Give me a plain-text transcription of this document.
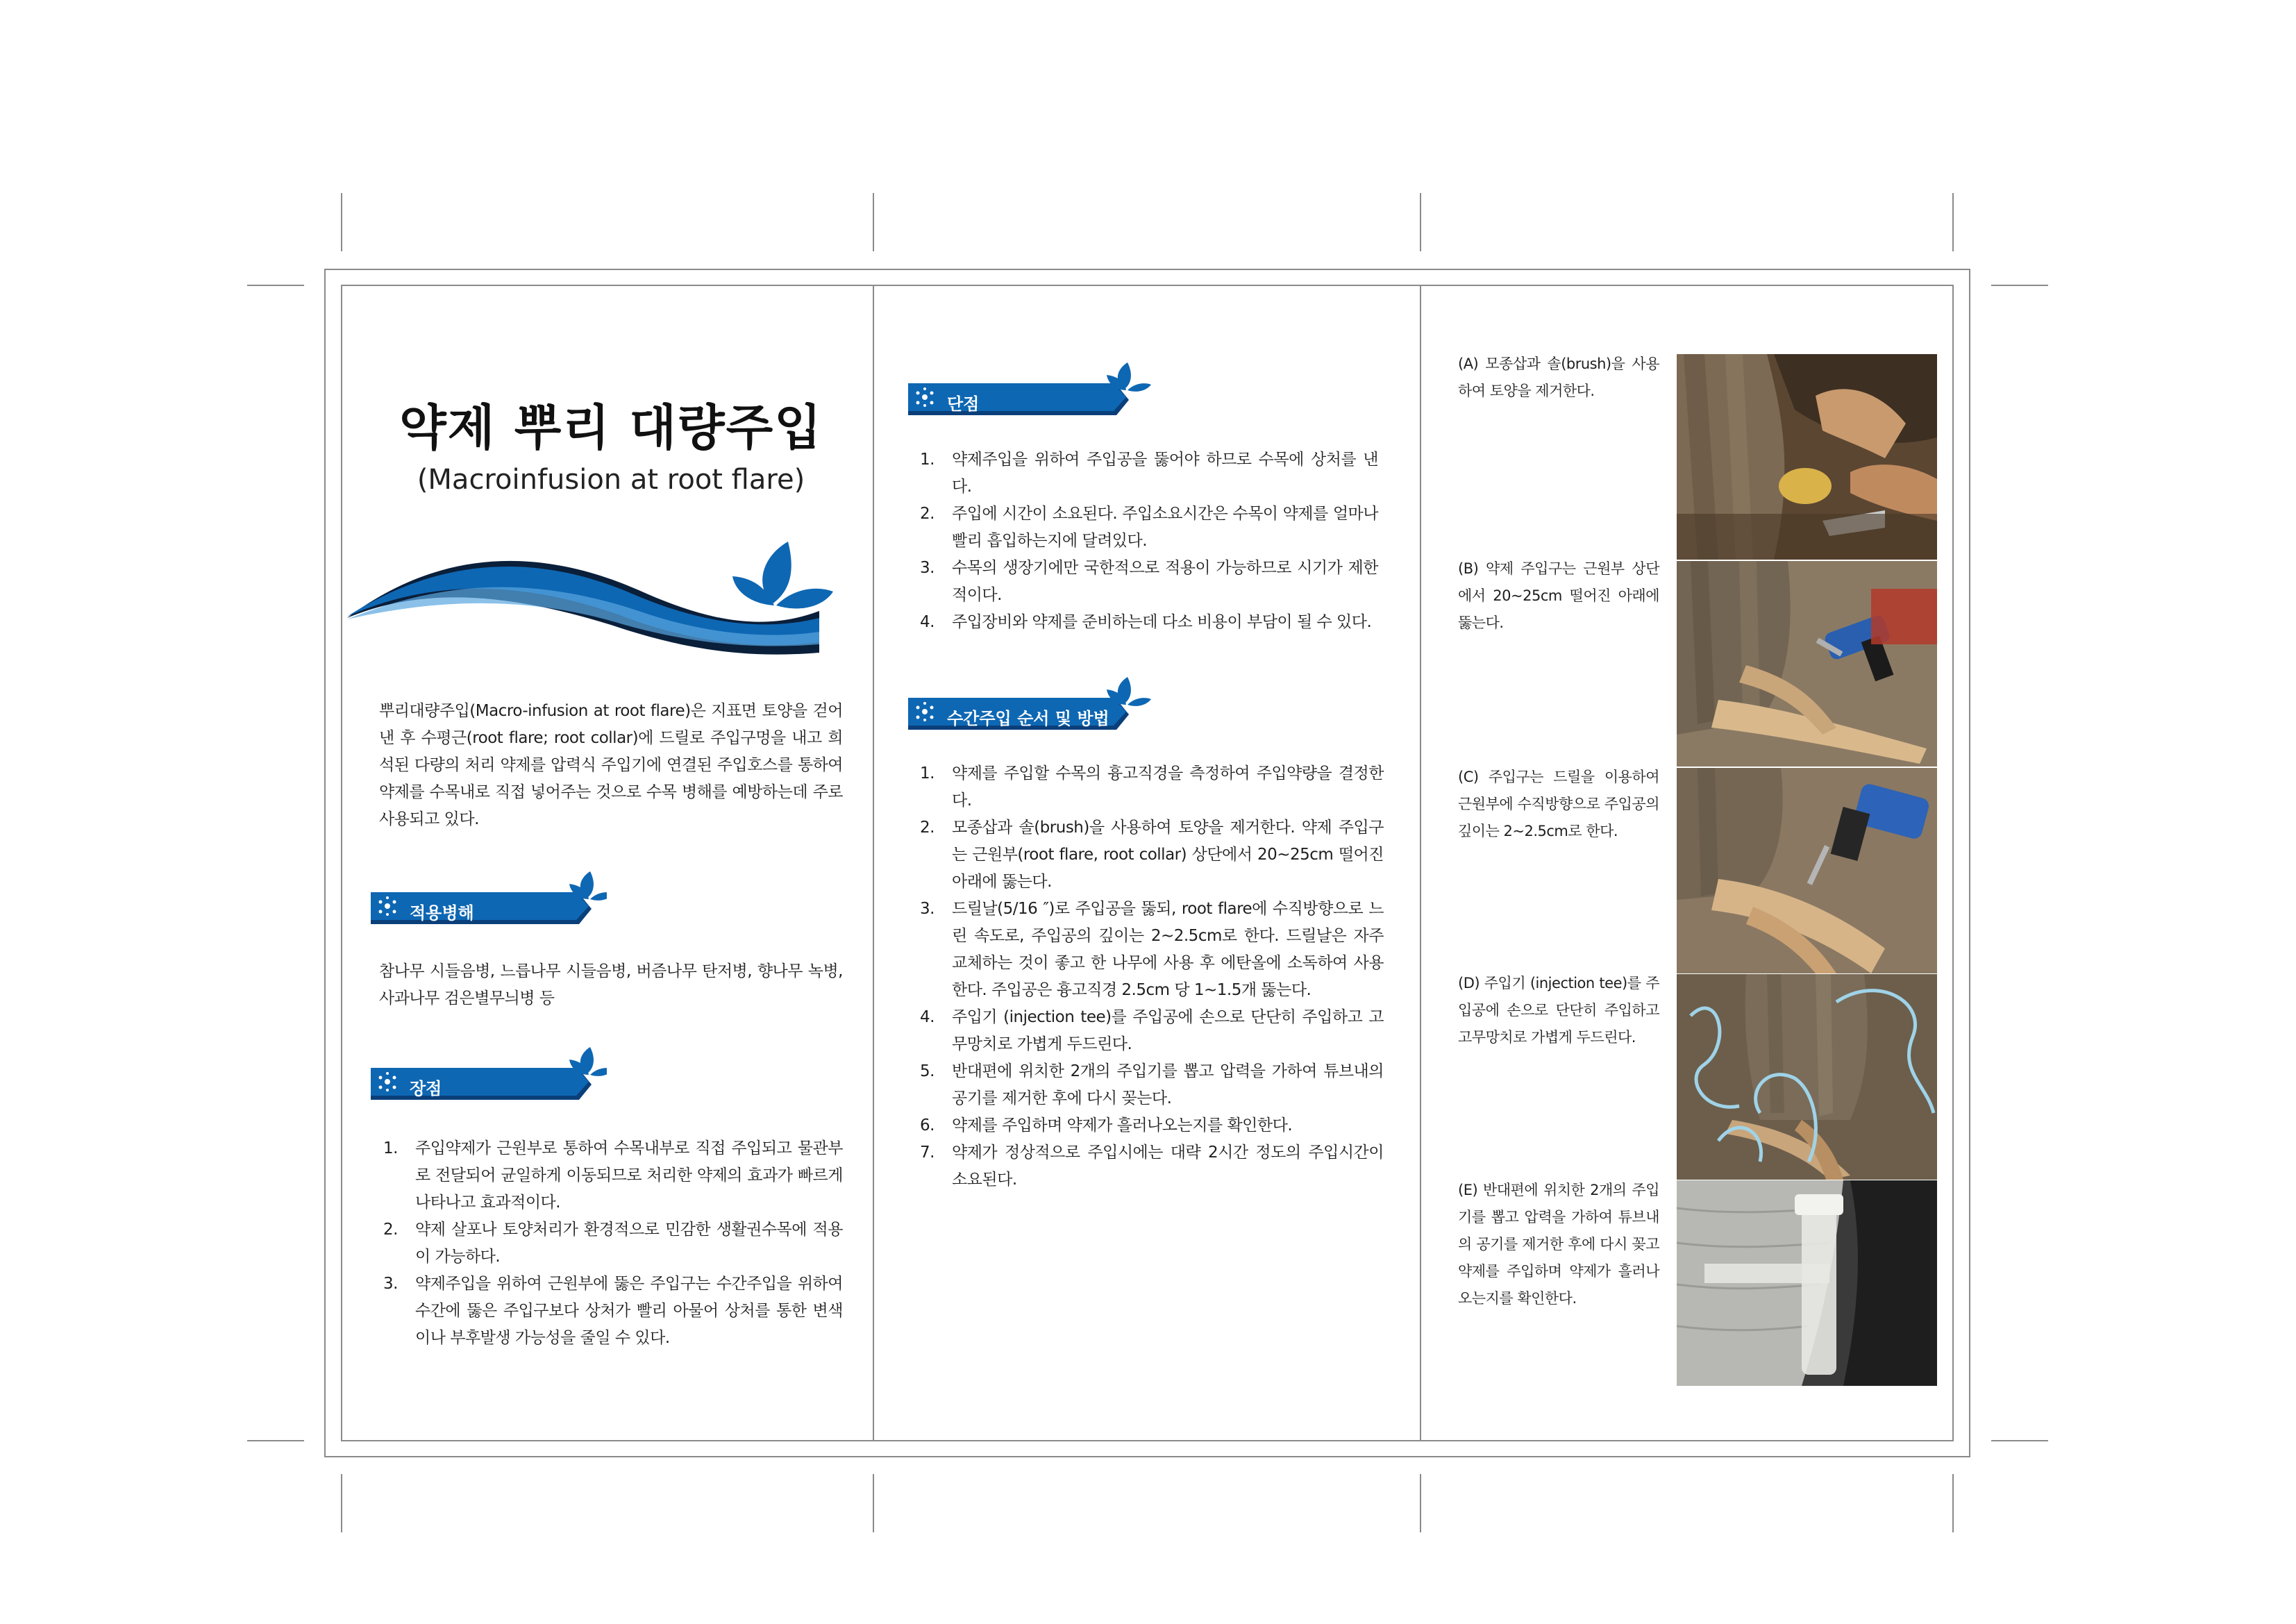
약제 뿌리 대량주입
(Macroinfusion at root flare)
뿌리대량주입(Macro-infusion at root flare)은 지표면 토양을 걷어낸 후 수평근(root flare; root collar)에 드릴로 주입구멍을 내고 희석된 다량의 처리 약제를 압력식 주입기에 연결된 주입호스를 통하여 약제를 수목내로 직접 넣어주는 것으로 수목 병해를 예방하는데 주로 사용되고 있다.
적용병해
참나무 시들음병, 느릅나무 시들음병, 버즘나무 탄저병, 향나무 녹병, 사과나무 검은별무늬병 등
장점
1. 주입약제가 근원부로 통하여 수목내부로 직접 주입되고 물관부로 전달되어 균일하게 이동되므로 처리한 약제의 효과가 빠르게 나타나고 효과적이다.
2. 약제 살포나 토양처리가 환경적으로 민감한 생활권수목에 적용이 가능하다.
3. 약제주입을 위하여 근원부에 뚫은 주입구는 수간주입을 위하여 수간에 뚫은 주입구보다 상처가 빨리 아물어 상처를 통한 변색이나 부후발생 가능성을 줄일 수 있다.
단점
1. 약제주입을 위하여 주입공을 뚫어야 하므로 수목에 상처를 낸다.
2. 주입에 시간이 소요된다. 주입소요시간은 수목이 약제를 얼마나 빨리 흡입하는지에 달려있다.
3. 수목의 생장기에만 국한적으로 적용이 가능하므로 시기가 제한적이다.
4. 주입장비와 약제를 준비하는데 다소 비용이 부담이 될 수 있다.
수간주입 순서 및 방법
1. 약제를 주입할 수목의 흉고직경을 측정하여 주입약량을 결정한다.
2. 모종삽과 솔(brush)을 사용하여 토양을 제거한다. 약제 주입구는 근원부(root flare, root collar) 상단에서 20~25cm 떨어진 아래에 뚫는다.
3. 드릴날(5/16 ″)로 주입공을 뚫되, root flare에 수직방향으로 느린 속도로, 주입공의 깊이는 2~2.5cm로 한다. 드릴날은 자주 교체하는 것이 좋고 한 나무에 사용 후 에탄올에 소독하여 사용한다. 주입공은 흉고직경 2.5cm 당 1~1.5개 뚫는다.
4. 주입기 (injection tee)를 주입공에 손으로 단단히 주입하고 고무망치로 가볍게 두드린다.
5. 반대편에 위치한 2개의 주입기를 뽑고 압력을 가하여 튜브내의 공기를 제거한 후에 다시 꽂는다.
6. 약제를 주입하며 약제가 흘러나오는지를 확인한다.
7. 약제가 정상적으로 주입시에는 대략 2시간 정도의 주입시간이 소요된다.
(A) 모종삽과 솔(brush)을 사용하여 토양을 제거한다.
(B) 약제 주입구는 근원부 상단에서 20~25cm 떨어진 아래에 뚫는다.
(C) 주입구는 드릴을 이용하여 근원부에 수직방향으로 주입공의 깊이는 2~2.5cm로 한다.
(D) 주입기 (injection tee)를 주입공에 손으로 단단히 주입하고 고무망치로 가볍게 두드린다.
(E) 반대편에 위치한 2개의 주입기를 뽑고 압력을 가하여 튜브내의 공기를 제거한 후에 다시 꽂고 약제를 주입하며 약제가 흘러나오는지를 확인한다.
